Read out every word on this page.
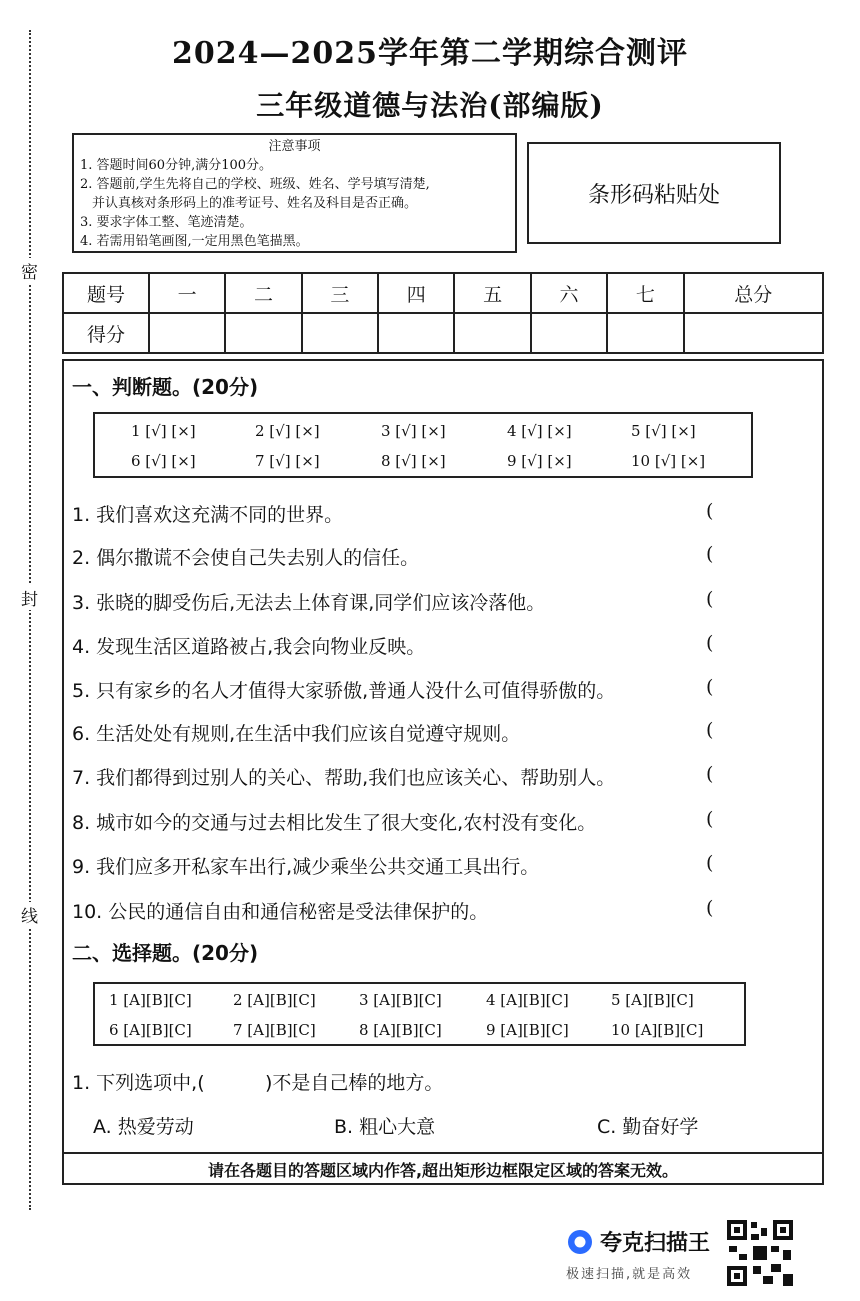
密
封
线
2024—2025学年第二学期综合测评
三年级道德与法治(部编版)
注意事项
1. 答题时间60分钟,满分100分。
2. 答题前,学生先将自己的学校、班级、姓名、学号填写清楚,
并认真核对条形码上的准考证号、姓名及科目是否正确。
3. 要求字体工整、笔迹清楚。
4. 若需用铅笔画图,一定用黑色笔描黑。
条形码粘贴处
题号	一	二	三	四	五	六	七	总分
得分								
一、判断题。(20分)
1 [√] [×]	2 [√] [×]	3 [√] [×]	4 [√] [×]	5 [√] [×]
6 [√] [×]	7 [√] [×]	8 [√] [×]	9 [√] [×]	10 [√] [×]
1. 我们喜欢这充满不同的世界。
2. 偶尔撒谎不会使自己失去别人的信任。
3. 张晓的脚受伤后,无法去上体育课,同学们应该冷落他。
4. 发现生活区道路被占,我会向物业反映。
5. 只有家乡的名人才值得大家骄傲,普通人没什么可值得骄傲的。
6. 生活处处有规则,在生活中我们应该自觉遵守规则。
7. 我们都得到过别人的关心、帮助,我们也应该关心、帮助别人。
8. 城市如今的交通与过去相比发生了很大变化,农村没有变化。
9. 我们应多开私家车出行,减少乘坐公共交通工具出行。
10. 公民的通信自由和通信秘密是受法律保护的。
(
(
(
(
(
(
(
(
(
(
二、选择题。(20分)
1 [A][B][C]	2 [A][B][C]	3 [A][B][C]	4 [A][B][C]	5 [A][B][C]
6 [A][B][C]	7 [A][B][C]	8 [A][B][C]	9 [A][B][C]	10 [A][B][C]
1. 下列选项中,(          )不是自己棒的地方。
A. 热爱劳动	B. 粗心大意	C. 勤奋好学
请在各题目的答题区域内作答,超出矩形边框限定区域的答案无效。
夸克扫描王
极速扫描,就是高效
